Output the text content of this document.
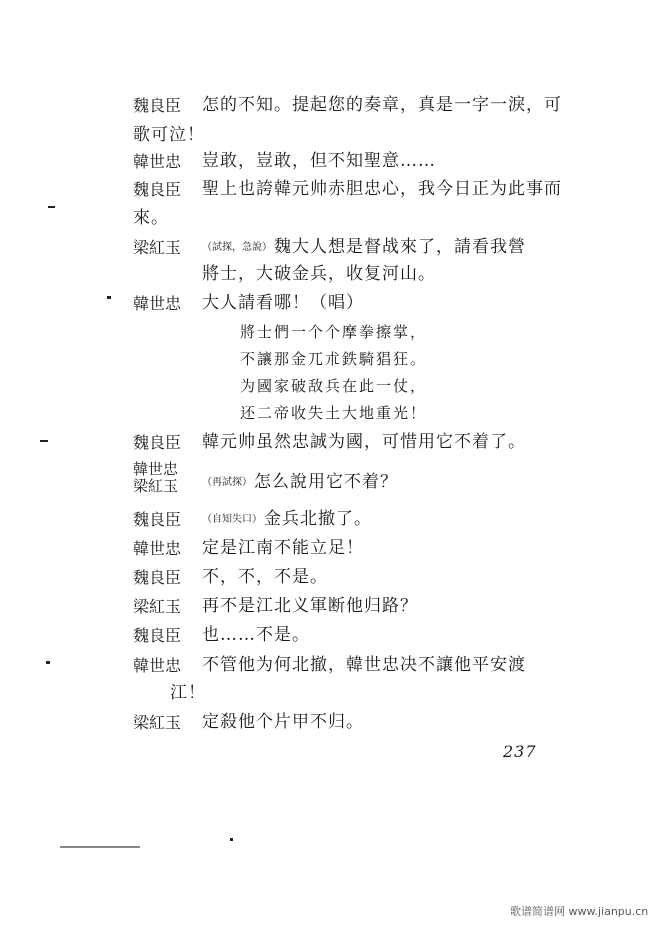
魏良臣 怎的不知。提起您的奏章，真是一字一淚，可
歌可泣！
韓世忠 豈敢，豈敢，但不知聖意……
魏良臣 聖上也誇韓元帅赤胆忠心，我今日正为此事而
來。
梁紅玉 （試探，急說） 魏大人想是督战來了，請看我營
將士，大破金兵，收复河山。
韓世忠 大人請看哪！（唱）
將士們一个个摩拳擦掌，
不讓那金兀朮鉄騎猖狂。
为國家破敌兵在此一仗，
还二帝收失土大地重光！
魏良臣 韓元帅虽然忠誠为國，可惜用它不着了。
韓世忠
梁紅玉 （再試探） 怎么說用它不着？
魏良臣 （自知失口） 金兵北撤了。
韓世忠 定是江南不能立足！
魏良臣 不，不，不是。
梁紅玉 再不是江北义軍断他归路？
魏良臣 也……不是。
韓世忠 不管他为何北撤，韓世忠决不讓他平安渡
江！
梁紅玉 定殺他个片甲不归。
237
歌谱简谱网 www.jianpu.cn
